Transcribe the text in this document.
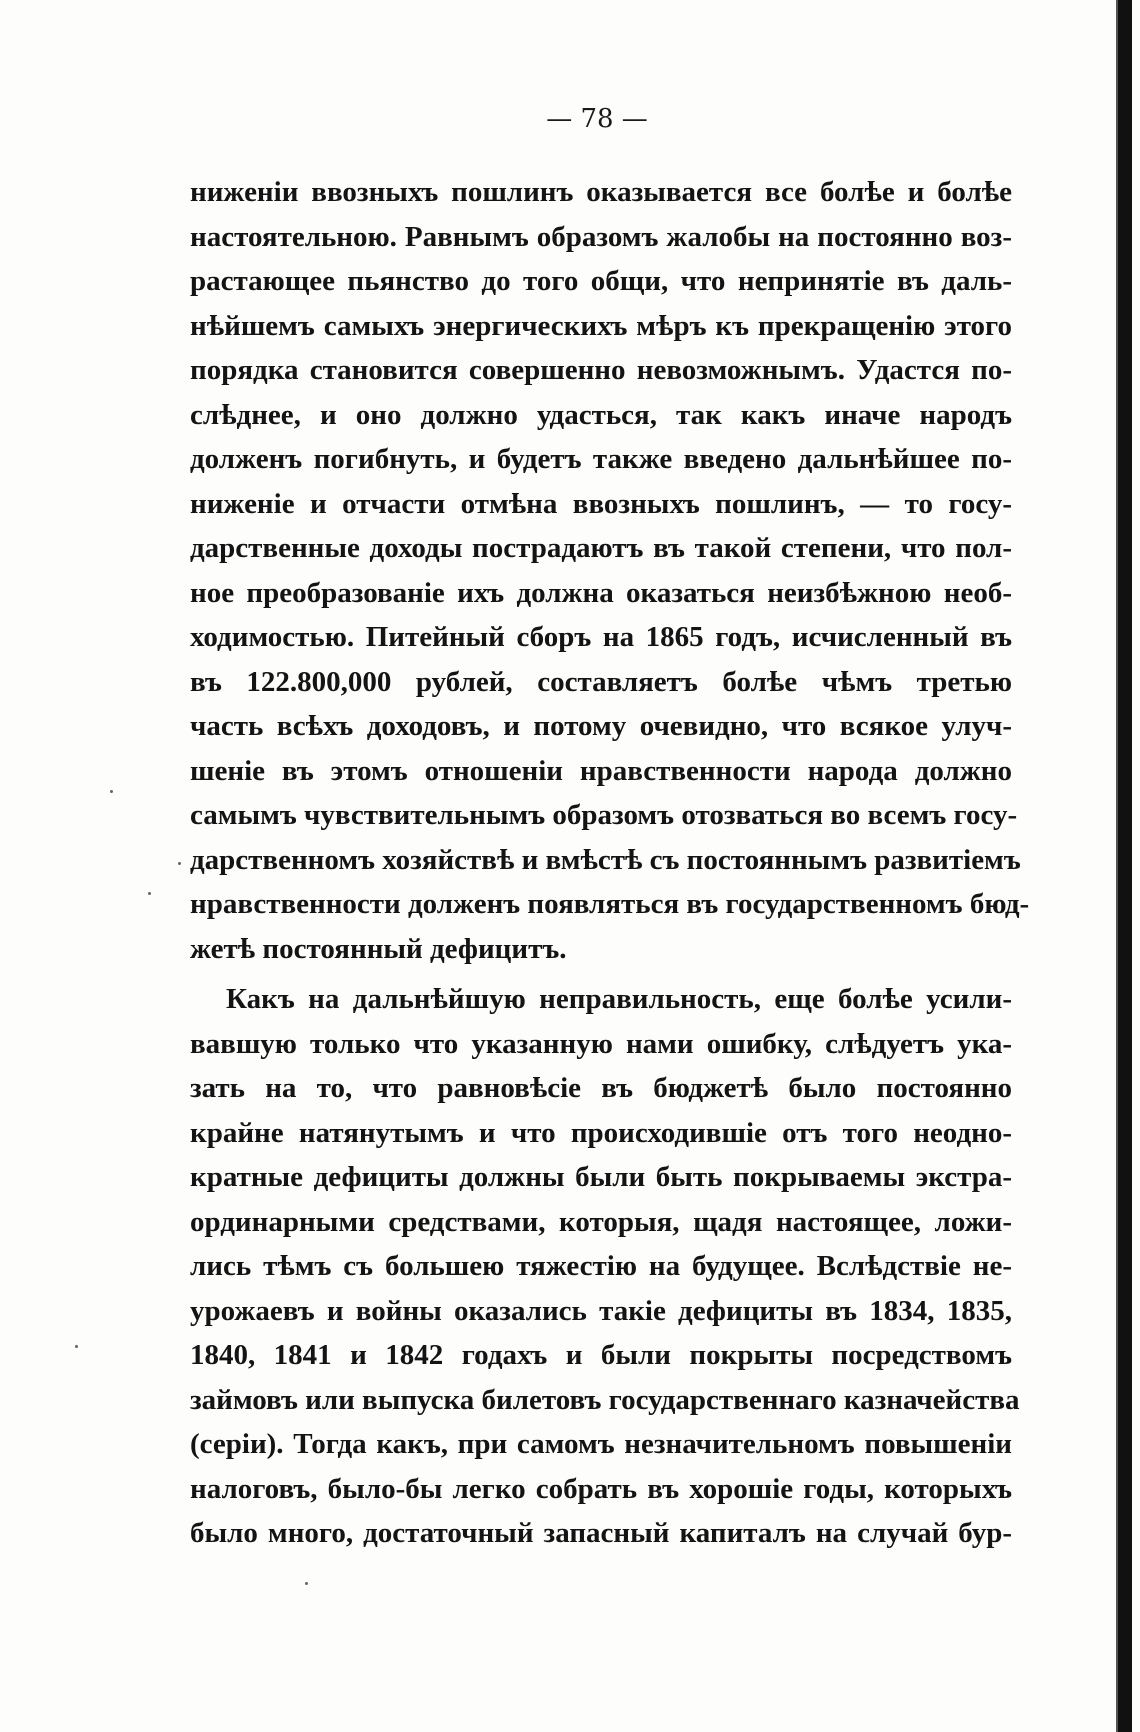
— 78 —
ниженіи ввозныхъ пошлинъ оказывается все болѣе и болѣе
настоятельною. Равнымъ образомъ жалобы на постоянно воз-
растающее пьянство до того общи, что непринятіе въ даль-
нѣйшемъ самыхъ энергическихъ мѣръ къ прекращенію этого
порядка становится совершенно невозможнымъ. Удастся по-
слѣднее, и оно должно удасться, так какъ иначе народъ
долженъ погибнуть, и будетъ также введено дальнѣйшее по-
ниженіе и отчасти отмѣна ввозныхъ пошлинъ, — то госу-
дарственные доходы пострадаютъ въ такой степени, что пол-
ное преобразованіе ихъ должна оказаться неизбѣжною необ-
ходимостью. Питейный сборъ на 1865 годъ, исчисленный въ
въ 122.800,000 рублей, составляетъ болѣе чѣмъ третью
часть всѣхъ доходовъ, и потому очевидно, что всякое улуч-
шеніе въ этомъ отношеніи нравственности народа должно
самымъ чувствительнымъ образомъ отозваться во всемъ госу-
дарственномъ хозяйствѣ и вмѣстѣ съ постояннымъ развитіемъ
нравственности долженъ появляться въ государственномъ бюд-
жетѣ постоянный дефицитъ.
Какъ на дальнѣйшую неправильность, еще болѣе усили-
вавшую только что указанную нами ошибку, слѣдуетъ ука-
зать на то, что равновѣсіе въ бюджетѣ было постоянно
крайне натянутымъ и что происходившіе отъ того неодно-
кратные дефициты должны были быть покрываемы экстра-
ординарными средствами, которыя, щадя настоящее, ложи-
лись тѣмъ съ большею тяжестію на будущее. Вслѣдствіе не-
урожаевъ и войны оказались такіе дефициты въ 1834, 1835,
1840, 1841 и 1842 годахъ и были покрыты посредствомъ
займовъ или выпуска билетовъ государственнаго казначейства
(серіи). Тогда какъ, при самомъ незначительномъ повышеніи
налоговъ, было-бы легко собрать въ хорошіе годы, которыхъ
было много, достаточный запасный капиталъ на случай бур-
